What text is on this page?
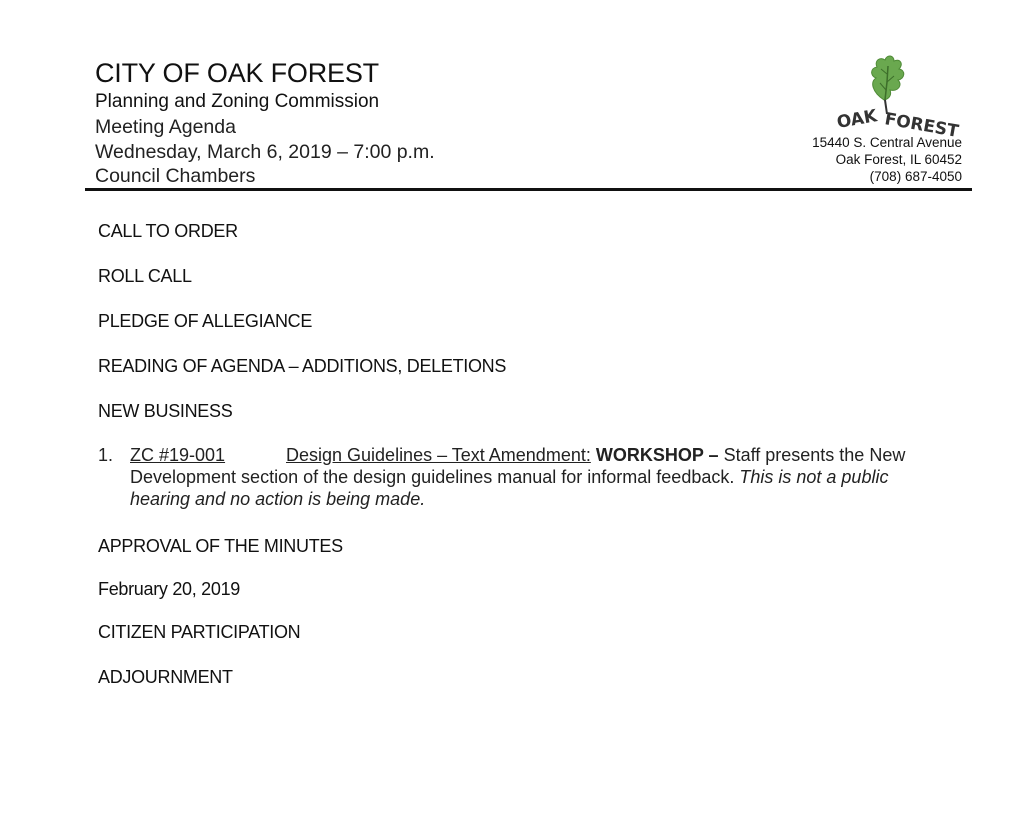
CITY OF OAK FOREST
Planning and Zoning Commission
Meeting Agenda
Wednesday, March 6, 2019 – 7:00 p.m.
Council Chambers
OAK FOREST
15440 S. Central Avenue
Oak Forest, IL 60452
(708) 687-4050
CALL TO ORDER
ROLL CALL
PLEDGE OF ALLEGIANCE
READING OF AGENDA – ADDITIONS, DELETIONS
NEW BUSINESS
1. ZC #19-001	Design Guidelines – Text Amendment: WORKSHOP – Staff presents the New Development section of the design guidelines manual for informal feedback. This is not a public hearing and no action is being made.
APPROVAL OF THE MINUTES
February 20, 2019
CITIZEN PARTICIPATION
ADJOURNMENT
